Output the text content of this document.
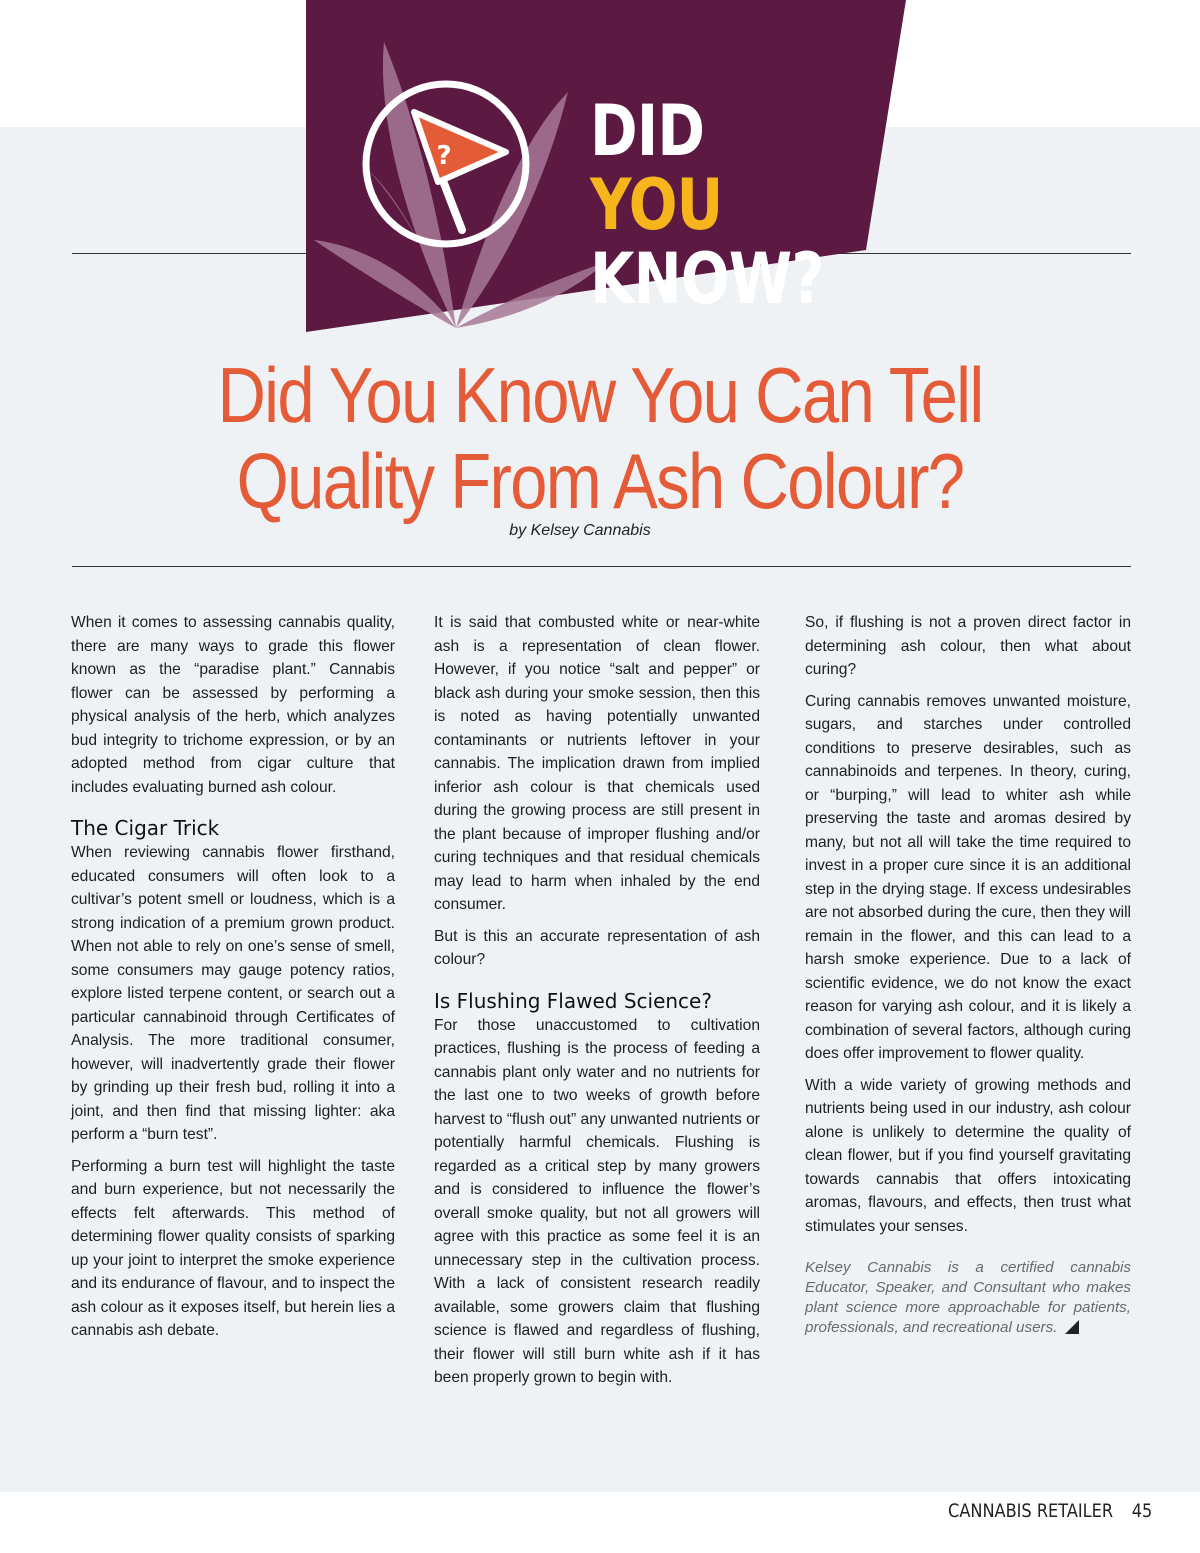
? DID YOU
KNOW?
Did You Know You Can Tell
Quality From Ash Colour?
by Kelsey Cannabis

When it comes to assessing cannabis quality, there are many ways to grade this flower known as the “paradise plant.” Cannabis flower can be assessed by performing a physical analysis of the herb, which analyzes bud integrity to trichome expression, or by an adopted method from cigar culture that includes evaluating burned ash colour.

The Cigar Trick

When reviewing cannabis flower firsthand, educated consumers will often look to a cultivar’s potent smell or loudness, which is a strong indication of a premium grown product. When not able to rely on one’s sense of smell, some consumers may gauge potency ratios, explore listed terpene content, or search out a particular cannabinoid through Certificates of Analysis. The more traditional consumer, however, will inadvertently grade their flower by grinding up their fresh bud, rolling it into a joint, and then find that missing lighter: aka perform a “burn test”.

Performing a burn test will highlight the taste and burn experience, but not necessarily the effects felt afterwards. This method of determining flower quality consists of sparking up your joint to interpret the smoke experience and its endurance of flavour, and to inspect the ash colour as it exposes itself, but herein lies a cannabis ash debate.

It is said that combusted white or near-white ash is a representation of clean flower. However, if you notice “salt and pepper” or black ash during your smoke session, then this is noted as having potentially unwanted contaminants or nutrients leftover in your cannabis. The implication drawn from implied inferior ash colour is that chemicals used during the growing process are still present in the plant because of improper flushing and/or curing techniques and that residual chemicals may lead to harm when inhaled by the end consumer.

But is this an accurate representation of ash colour?

Is Flushing Flawed Science?

For those unaccustomed to cultivation practices, flushing is the process of feeding a cannabis plant only water and no nutrients for the last one to two weeks of growth before harvest to “flush out” any unwanted nutrients or potentially harmful chemicals. Flushing is regarded as a critical step by many growers and is considered to influence the flower’s overall smoke quality, but not all growers will agree with this practice as some feel it is an unnecessary step in the cultivation process. With a lack of consistent research readily available, some growers claim that flushing science is flawed and regardless of flushing, their flower will still burn white ash if it has been properly grown to begin with.

So, if flushing is not a proven direct factor in determining ash colour, then what about curing?

Curing cannabis removes unwanted moisture, sugars, and starches under controlled conditions to preserve desirables, such as cannabinoids and terpenes. In theory, curing, or “burping,” will lead to whiter ash while preserving the taste and aromas desired by many, but not all will take the time required to invest in a proper cure since it is an additional step in the drying stage. If excess undesirables are not absorbed during the cure, then they will remain in the flower, and this can lead to a harsh smoke experience. Due to a lack of scientific evidence, we do not know the exact reason for varying ash colour, and it is likely a combination of several factors, although curing does offer improvement to flower quality.

With a wide variety of growing methods and nutrients being used in our industry, ash colour alone is unlikely to determine the quality of clean flower, but if you find yourself gravitating towards cannabis that offers intoxicating aromas, flavours, and effects, then trust what stimulates your senses.

Kelsey Cannabis is a certified cannabis Educator, Speaker, and Consultant who makes plant science more approachable for patients, professionals, and recreational users.
CANNABIS RETAILER 45
